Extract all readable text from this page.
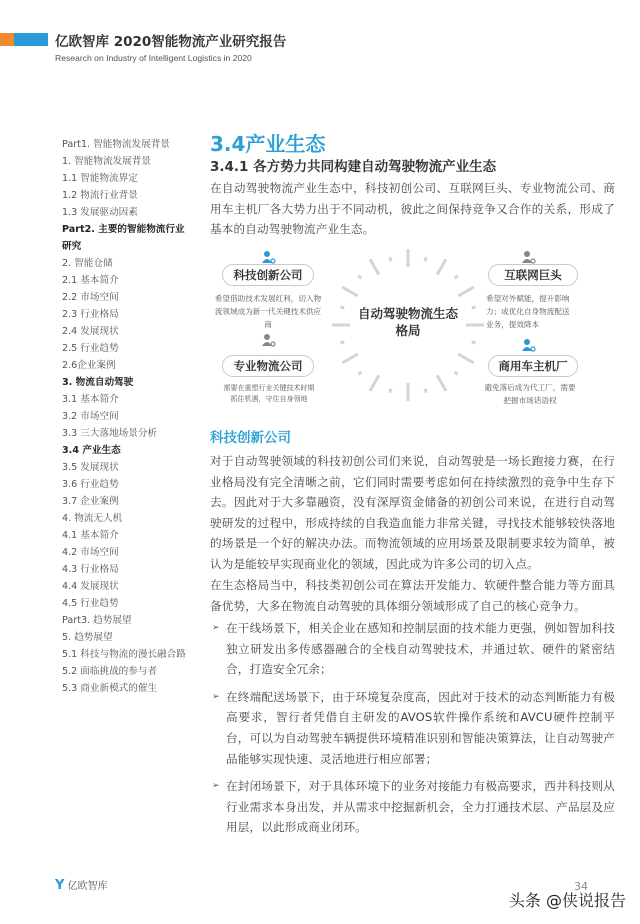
亿欧智库 2020智能物流产业研究报告
Research on Industry of Intelligent Logistics in 2020
Part1. 智能物流发展背景
1. 智能物流发展背景
1.1 智能物流界定
1.2 物流行业背景
1.3 发展驱动因素
Part2. 主要的智能物流行业研究
2. 智能仓储
2.1 基本简介
2.2 市场空间
2.3 行业格局
2.4 发展现状
2.5 行业趋势
2.6企业案例
3. 物流自动驾驶
3.1 基本简介
3.2 市场空间
3.3 三大落地场景分析
3.4 产业生态
3.5 发展现状
3.6 行业趋势
3.7 企业案例
4. 物流无人机
4.1 基本简介
4.2 市场空间
4.3 行业格局
4.4 发展现状
4.5 行业趋势
Part3. 趋势展望
5. 趋势展望
5.1 科技与物流的漫长融合路
5.2 面临挑战的参与者
5.3 商业新模式的催生
3.4产业生态
3.4.1 各方势力共同构建自动驾驶物流产业生态
在自动驾驶物流产业生态中，科技初创公司、互联网巨头、专业物流公司、商用车主机厂各大势力出于不同动机，彼此之间保持竞争又合作的关系，形成了基本的自动驾驶物流产业生态。
自动驾驶物流生态格局
科技创新公司
希望借助技术发展红利，切入物流领域成为新一代关键技术供应商
专业物流公司
需要在重塑行业关键技术时期抓住机遇，守住自身领地
互联网巨头
希望对外赋能，提升影响力；或优化自身物流配送业务，提效降本
商用车主机厂
避免落后成为代工厂，需要把握市场话语权
科技创新公司
对于自动驾驶领域的科技初创公司们来说，自动驾驶是一场长跑接力赛，在行业格局没有完全清晰之前，它们同时需要考虑如何在持续激烈的竞争中生存下去。因此对于大多靠融资，没有深厚资金储备的初创公司来说，在进行自动驾驶研发的过程中，形成持续的自我造血能力非常关键，寻找技术能够较快落地的场景是一个好的解决办法。而物流领域的应用场景及限制要求较为简单，被认为是能较早实现商业化的领域，因此成为许多公司的切入点。
在生态格局当中，科技类初创公司在算法开发能力、软硬件整合能力等方面具备优势，大多在物流自动驾驶的具体细分领域形成了自己的核心竞争力。
➢ 在干线场景下，相关企业在感知和控制层面的技术能力更强，例如智加科技独立研发出多传感器融合的全栈自动驾驶技术，并通过软、硬件的紧密结合，打造安全冗余；
➢ 在终端配送场景下，由于环境复杂度高，因此对于技术的动态判断能力有极高要求，智行者凭借自主研发的AVOS软件操作系统和AVCU硬件控制平台，可以为自动驾驶车辆提供环境精准识别和智能决策算法，让自动驾驶产品能够实现快速、灵活地进行相应部署；
➢ 在封闭场景下，对于具体环境下的业务对接能力有极高要求，西井科技则从行业需求本身出发，并从需求中挖掘新机会，全力打通技术层、产品层及应用层，以此形成商业闭环。
Y 亿欧智库	34
头条 @侠说报告
